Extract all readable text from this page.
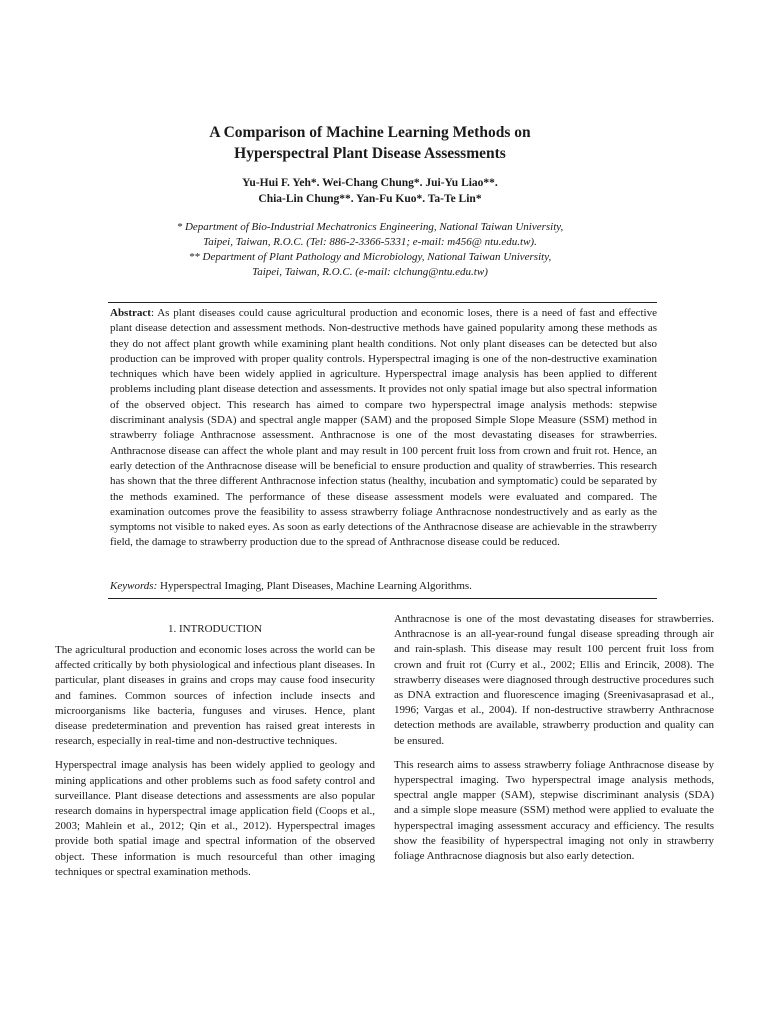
A Comparison of Machine Learning Methods on
Hyperspectral Plant Disease Assessments
Yu-Hui F. Yeh*. Wei-Chang Chung*. Jui-Yu Liao**.
Chia-Lin Chung**. Yan-Fu Kuo*. Ta-Te Lin*
* Department of Bio-Industrial Mechatronics Engineering, National Taiwan University,
Taipei, Taiwan, R.O.C. (Tel: 886-2-3366-5331; e-mail: m456@ ntu.edu.tw).
** Department of Plant Pathology and Microbiology, National Taiwan University,
Taipei, Taiwan, R.O.C. (e-mail: clchung@ntu.edu.tw)
Abstract: As plant diseases could cause agricultural production and economic loses, there is a need of fast and effective plant disease detection and assessment methods. Non-destructive methods have gained popularity among these methods as they do not affect plant growth while examining plant health conditions. Not only plant diseases can be detected but also production can be improved with proper quality controls. Hyperspectral imaging is one of the non-destructive examination techniques which have been widely applied in agriculture. Hyperspectral image analysis has been applied to different problems including plant disease detection and assessments. It provides not only spatial image but also spectral information of the observed object. This research has aimed to compare two hyperspectral image analysis methods: stepwise discriminant analysis (SDA) and spectral angle mapper (SAM) and the proposed Simple Slope Measure (SSM) method in strawberry foliage Anthracnose assessment. Anthracnose is one of the most devastating diseases for strawberries. Anthracnose disease can affect the whole plant and may result in 100 percent fruit loss from crown and fruit rot. Hence, an early detection of the Anthracnose disease will be beneficial to ensure production and quality of strawberries. This research has shown that the three different Anthracnose infection status (healthy, incubation and symptomatic) could be separated by the methods examined. The performance of these disease assessment models were evaluated and compared. The examination outcomes prove the feasibility to assess strawberry foliage Anthracnose nondestructively and as early as the symptoms not visible to naked eyes. As soon as early detections of the Anthracnose disease are achievable in the strawberry field, the damage to strawberry production due to the spread of Anthracnose disease could be reduced.
Keywords: Hyperspectral Imaging, Plant Diseases, Machine Learning Algorithms.
1. INTRODUCTION

The agricultural production and economic loses across the world can be affected critically by both physiological and infectious plant diseases. In particular, plant diseases in grains and crops may cause food insecurity and famines. Common sources of infection include insects and microorganisms like bacteria, funguses and viruses. Hence, plant disease predetermination and prevention has raised great interests in research, especially in real-time and non-destructive techniques.

Hyperspectral image analysis has been widely applied to geology and mining applications and other problems such as food safety control and surveillance. Plant disease detections and assessments are also popular research domains in hyperspectral image application field (Coops et al., 2003; Mahlein et al., 2012; Qin et al., 2012). Hyperspectral images provide both spatial image and spectral information of the observed object. These information is much resourceful than other imaging techniques or spectral examination methods.

Anthracnose is one of the most devastating diseases for strawberries. Anthracnose is an all-year-round fungal disease spreading through air and rain-splash. This disease may result 100 percent fruit loss from crown and fruit rot (Curry et al., 2002; Ellis and Erincik, 2008). The strawberry diseases were diagnosed through destructive procedures such as DNA extraction and fluorescence imaging (Sreenivasaprasad et al., 1996; Vargas et al., 2004). If non-destructive strawberry Anthracnose detection methods are available, strawberry production and quality can be ensured.

This research aims to assess strawberry foliage Anthracnose disease by hyperspectral imaging. Two hyperspectral image analysis methods, spectral angle mapper (SAM), stepwise discriminant analysis (SDA) and a simple slope measure (SSM) method were applied to evaluate the hyperspectral imaging assessment accuracy and efficiency. The results show the feasibility of hyperspectral imaging not only in strawberry foliage Anthracnose diagnosis but also early detection.
